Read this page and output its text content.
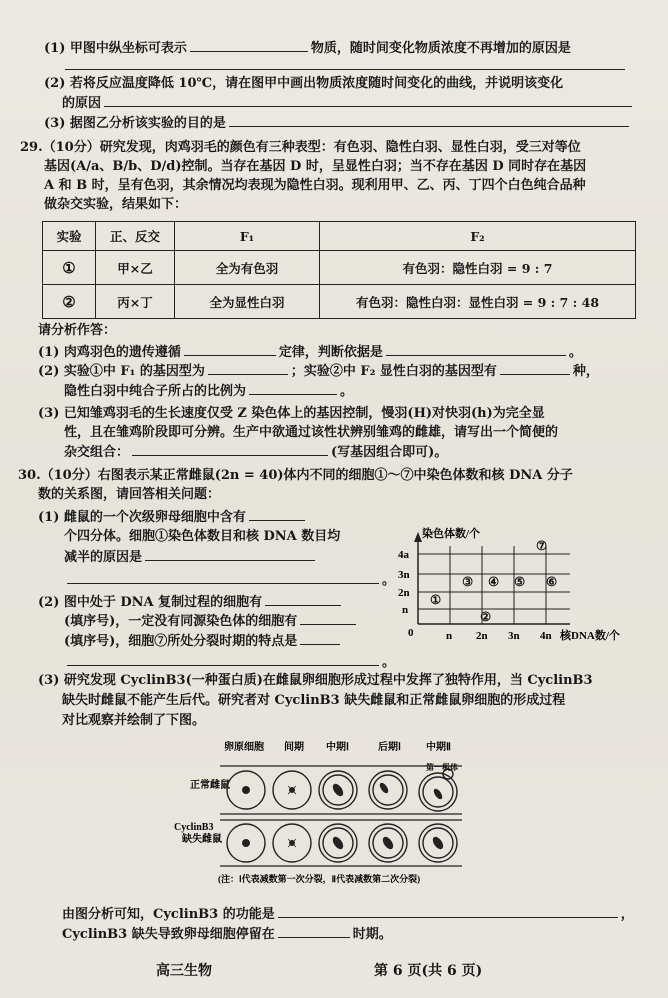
(1) 甲图中纵坐标可表示	物质，随时间变化物质浓度不再增加的原因是
(2) 若将反应温度降低 10℃，请在图甲中画出物质浓度随时间变化的曲线，并说明该变化
的原因
(3) 据图乙分析该实验的目的是
29.（10分）研究发现，肉鸡羽毛的颜色有三种表型：有色羽、隐性白羽、显性白羽，受三对等位
基因(A/a、B/b、D/d)控制。当存在基因 D 时，呈显性白羽；当不存在基因 D 同时存在基因
A 和 B 时，呈有色羽，其余情况均表现为隐性白羽。现利用甲、乙、丙、丁四个白色纯合品种
做杂交实验，结果如下：
实验	正、反交	F₁	F₂
①	甲×乙	全为有色羽	有色羽：隐性白羽 = 9 : 7
②	丙×丁	全为显性白羽	有色羽：隐性白羽：显性白羽 = 9 : 7 : 48
请分析作答：
(1) 肉鸡羽色的遗传遵循	定律，判断依据是	。
(2) 实验①中 F₁ 的基因型为	；实验②中 F₂ 显性白羽的基因型有	种，
隐性白羽中纯合子所占的比例为	。
(3) 已知雏鸡羽毛的生长速度仅受 Z 染色体上的基因控制，慢羽(H)对快羽(h)为完全显
性，且在雏鸡阶段即可分辨。生产中欲通过该性状辨别雏鸡的雌雄，请写出一个简便的
杂交组合：	(写基因组合即可)。
30.（10分）右图表示某正常雌鼠(2n = 40)体内不同的细胞①～⑦中染色体数和核 DNA 分子
数的关系图，请回答相关问题：
(1) 雌鼠的一个次级卵母细胞中含有
个四分体。细胞①染色体数目和核 DNA 数目均
减半的原因是
。
(2) 图中处于 DNA 复制过程的细胞有
(填序号)，一定没有同源染色体的细胞有
(填序号)，细胞⑦所处分裂时期的特点是
。
染色体数/个
4a
3n
2n
n
0	n 2n 3n 4n 核DNA数/个
①
②
③ ④ ⑤ ⑥
⑦
(3) 研究发现 CyclinB3(一种蛋白质)在雌鼠卵细胞形成过程中发挥了独特作用，当 CyclinB3
缺失时雌鼠不能产生后代。研究者对 CyclinB3 缺失雌鼠和正常雌鼠卵细胞的形成过程
对比观察并绘制了下图。
卵原细胞 间期 中期Ⅰ	后期Ⅰ	中期Ⅱ
正常雌鼠
CyclinB3
缺失雌鼠
第一极体
(注：Ⅰ代表减数第一次分裂，Ⅱ代表减数第二次分裂)
由图分析可知，CyclinB3 的功能是	，
CyclinB3 缺失导致卵母细胞停留在	时期。
高三生物	第 6 页(共 6 页)
